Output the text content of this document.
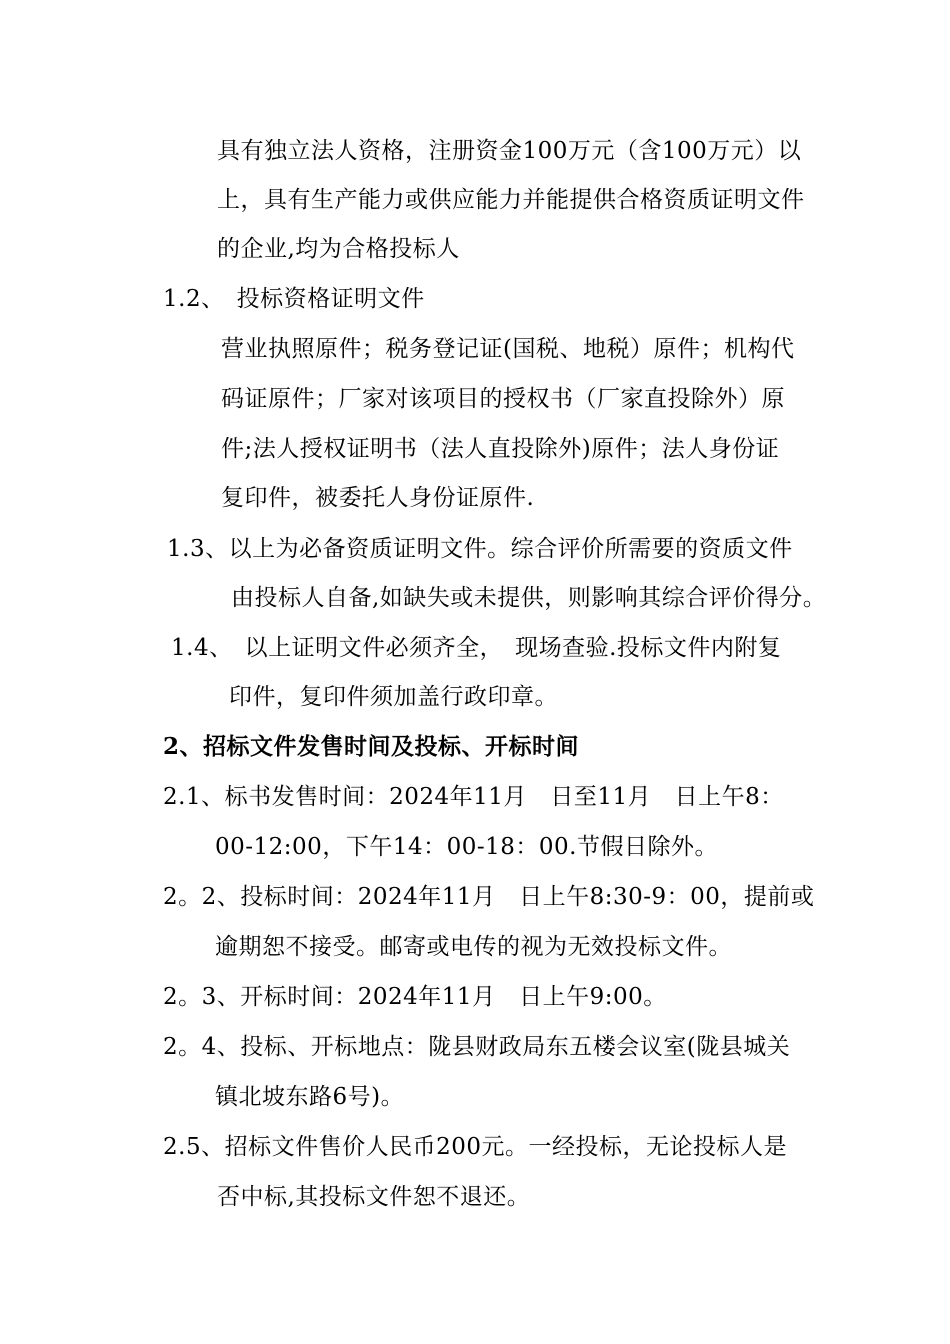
具有独立法人资格，注册资金100万元（含100万元）以
上，具有生产能力或供应能力并能提供合格资质证明文件
的企业,均为合格投标人
1.2、　投标资格证明文件
营业执照原件；税务登记证(国税、地税）原件；机构代
码证原件；厂家对该项目的授权书（厂家直投除外）原
件;法人授权证明书（法人直投除外)原件；法人身份证
复印件，被委托人身份证原件.
1.3、以上为必备资质证明文件。综合评价所需要的资质文件
由投标人自备,如缺失或未提供，则影响其综合评价得分。
1.4、　以上证明文件必须齐全，　现场查验.投标文件内附复
印件，复印件须加盖行政印章。
2、招标文件发售时间及投标、开标时间
2.1、标书发售时间：2024年11月　日至11月　日上午8：
00-12:00，下午14：00-18：00.节假日除外。
2。2、投标时间：2024年11月　日上午8:30-9：00，提前或
逾期恕不接受。邮寄或电传的视为无效投标文件。
2。3、开标时间：2024年11月　日上午9:00。
2。4、投标、开标地点：陇县财政局东五楼会议室(陇县城关
镇北坡东路6号)。
2.5、招标文件售价人民币200元。一经投标，无论投标人是
否中标,其投标文件恕不退还。
